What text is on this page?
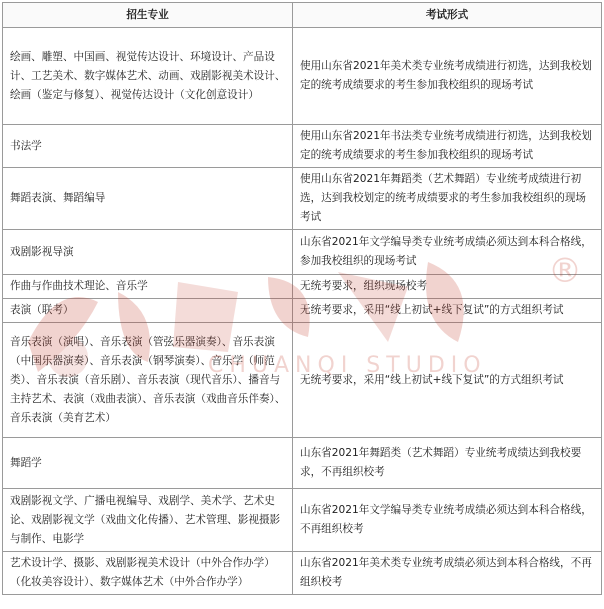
招生专业	考试形式
绘画、雕塑、中国画、视觉传达设计、环境设计、产品设计、工艺美术、数字媒体艺术、动画、戏剧影视美术设计、绘画（鉴定与修复）、视觉传达设计（文化创意设计）	使用山东省2021年美术类专业统考成绩进行初选，达到我校划定的统考成绩要求的考生参加我校组织的现场考试
书法学	使用山东省2021年书法类专业统考成绩进行初选，达到我校划定的统考成绩要求的考生参加我校组织的现场考试
舞蹈表演、舞蹈编导	使用山东省2021年舞蹈类（艺术舞蹈）专业统考成绩进行初选，达到我校划定的统考成绩要求的考生参加我校组织的现场考试
戏剧影视导演	山东省2021年文学编导类专业统考成绩必须达到本科合格线，参加我校组织的现场考试
作曲与作曲技术理论、音乐学	无统考要求，组织现场校考
表演（联考）	无统考要求，采用“线上初试+线下复试”的方式组织考试
音乐表演（演唱）、音乐表演（管弦乐器演奏）、音乐表演（中国乐器演奏）、音乐表演（钢琴演奏）、音乐学（师范类）、音乐表演（音乐剧）、音乐表演（现代音乐）、播音与主持艺术、表演（戏曲表演）、音乐表演（戏曲音乐伴奏）、音乐表演（美育艺术）	无统考要求，采用“线上初试+线下复试”的方式组织考试
舞蹈学	山东省2021年舞蹈类（艺术舞蹈）专业统考成绩达到我校要求，不再组织校考
戏剧影视文学、广播电视编导、戏剧学、美术学、艺术史论、戏剧影视文学（戏曲文化传播）、艺术管理、影视摄影与制作、电影学	山东省2021年文学编导类专业统考成绩必须达到本科合格线，不再组织校考
艺术设计学、摄影、戏剧影视美术设计（中外合作办学）（化妆美容设计）、数字媒体艺术（中外合作办学）	山东省2021年美术类专业统考成绩必须达到本科合格线，不再组织校考
CHUANQI STUDIO
®
